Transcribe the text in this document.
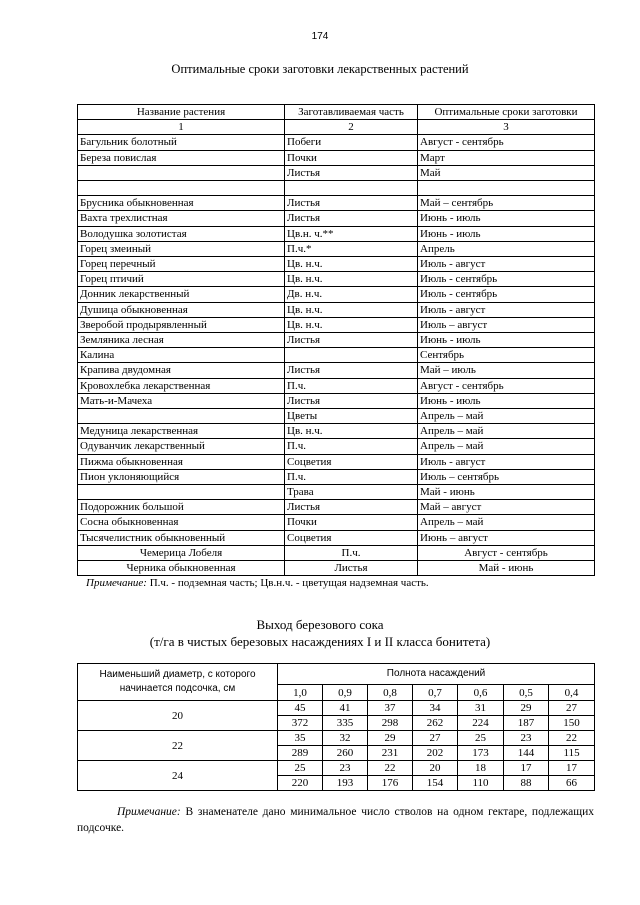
174
Оптимальные сроки заготовки лекарственных растений
Название растения	Заготавливаемая часть	Оптимальные сроки заготовки
1	2	3
Багульник болотный	Побеги	Август - сентябрь
Береза повислая	Почки	Март
	Листья	Май

Брусника обыкновенная	Листья	Май – сентябрь
Вахта трехлистная	Листья	Июнь - июль
Володушка золотистая	Цв.н. ч.**	Июнь - июль
Горец змеиный	П.ч.*	Апрель
Горец перечный	Цв. н.ч.	Июль - август
Горец птичий	Цв. н.ч.	Июль - сентябрь
Донник лекарственный	Дв. н.ч.	Июль - сентябрь
Душица обыкновенная	Цв. н.ч.	Июль - август
Зверобой продырявленный	Цв. н.ч.	Июль – август
Земляника лесная	Листья	Июнь - июль
Калина		Сентябрь
Крапива двудомная	Листья	Май – июль
Кровохлебка лекарственная	П.ч.	Август - сентябрь
Мать-и-Мачеха	Листья	Июнь - июль
	Цветы	Апрель – май
Медуница лекарственная	Цв. н.ч.	Апрель – май
Одуванчик лекарственный	П.ч.	Апрель – май
Пижма обыкновенная	Соцветия	Июль - август
Пион уклоняющийся	П.ч.	Июль – сентябрь
	Трава	Май - июнь
Подорожник большой	Листья	Май – август
Сосна обыкновенная	Почки	Апрель – май
Тысячелистник обыкновенный	Соцветия	Июнь – август
Чемерица Лобеля	П.ч.	Август - сентябрь
Черника обыкновенная	Листья	Май - июнь
Примечание: П.ч. - подземная часть; Цв.н.ч. - цветущая надземная часть.
Выход березового сока
(т/га в чистых березовых насаждениях I и II класса бонитета)
Наименьший диаметр, с которого
начинается подсочка, см	Полнота насаждений						
	1,0	0,9	0,8	0,7	0,6	0,5	0,4
20	45	41	37	34	31	29	27
	372	335	298	262	224	187	150
22	35	32	29	27	25	23	22
	289	260	231	202	173	144	115
24	25	23	22	20	18	17	17
	220	193	176	154	110	88	66
Примечание: В знаменателе дано минимальное число стволов на одном гектаре, подлежащих подсочке.
